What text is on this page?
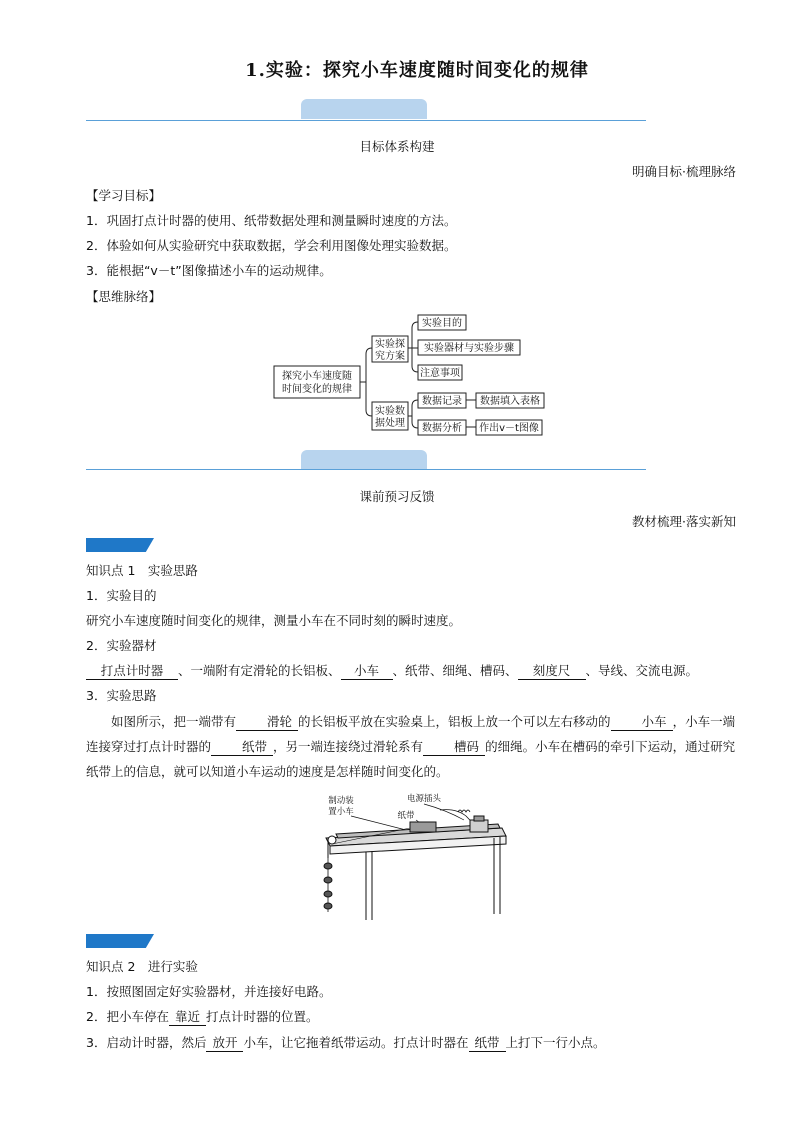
1.实验：探究小车速度随时间变化的规律
目标体系构建
明确目标·梳理脉络
【学习目标】
1．巩固打点计时器的使用、纸带数据处理和测量瞬时速度的方法。
2．体验如何从实验研究中获取数据，学会利用图像处理实验数据。
3．能根据“v－t”图像描述小车的运动规律。
【思维脉络】
探究小车速度随
时间变化的规律
实验探
究方案
实验数
据处理
实验目的
实验器材与实验步骤
注意事项
数据记录
数据分析
数据填入表格
作出v－t图像
课前预习反馈
教材梳理·落实新知
知识点 1　实验思路
1．实验目的
研究小车速度随时间变化的规律，测量小车在不同时刻的瞬时速度。
2．实验器材
打点计时器 、一端附有定滑轮的长铝板、 小车 、纸带、细绳、槽码、 刻度尺 、导线、交流电源。
3．实验思路
如图所示，把一端带有 滑轮 的长铝板平放在实验桌上，铝板上放一个可以左右移动的 小车 ，小车一端连接穿过打点计时器的 纸带 ，另一端连接绕过滑轮系有 槽码 的细绳。小车在槽码的牵引下运动，通过研究纸带上的信息，就可以知道小车运动的速度是怎样随时间变化的。
制动装
置小车
电源插头
纸带
知识点 2　进行实验
1．按照图固定好实验器材，并连接好电路。
2．把小车停在 靠近 打点计时器的位置。
3．启动计时器，然后 放开 小车，让它拖着纸带运动。打点计时器在 纸带 上打下一行小点。
